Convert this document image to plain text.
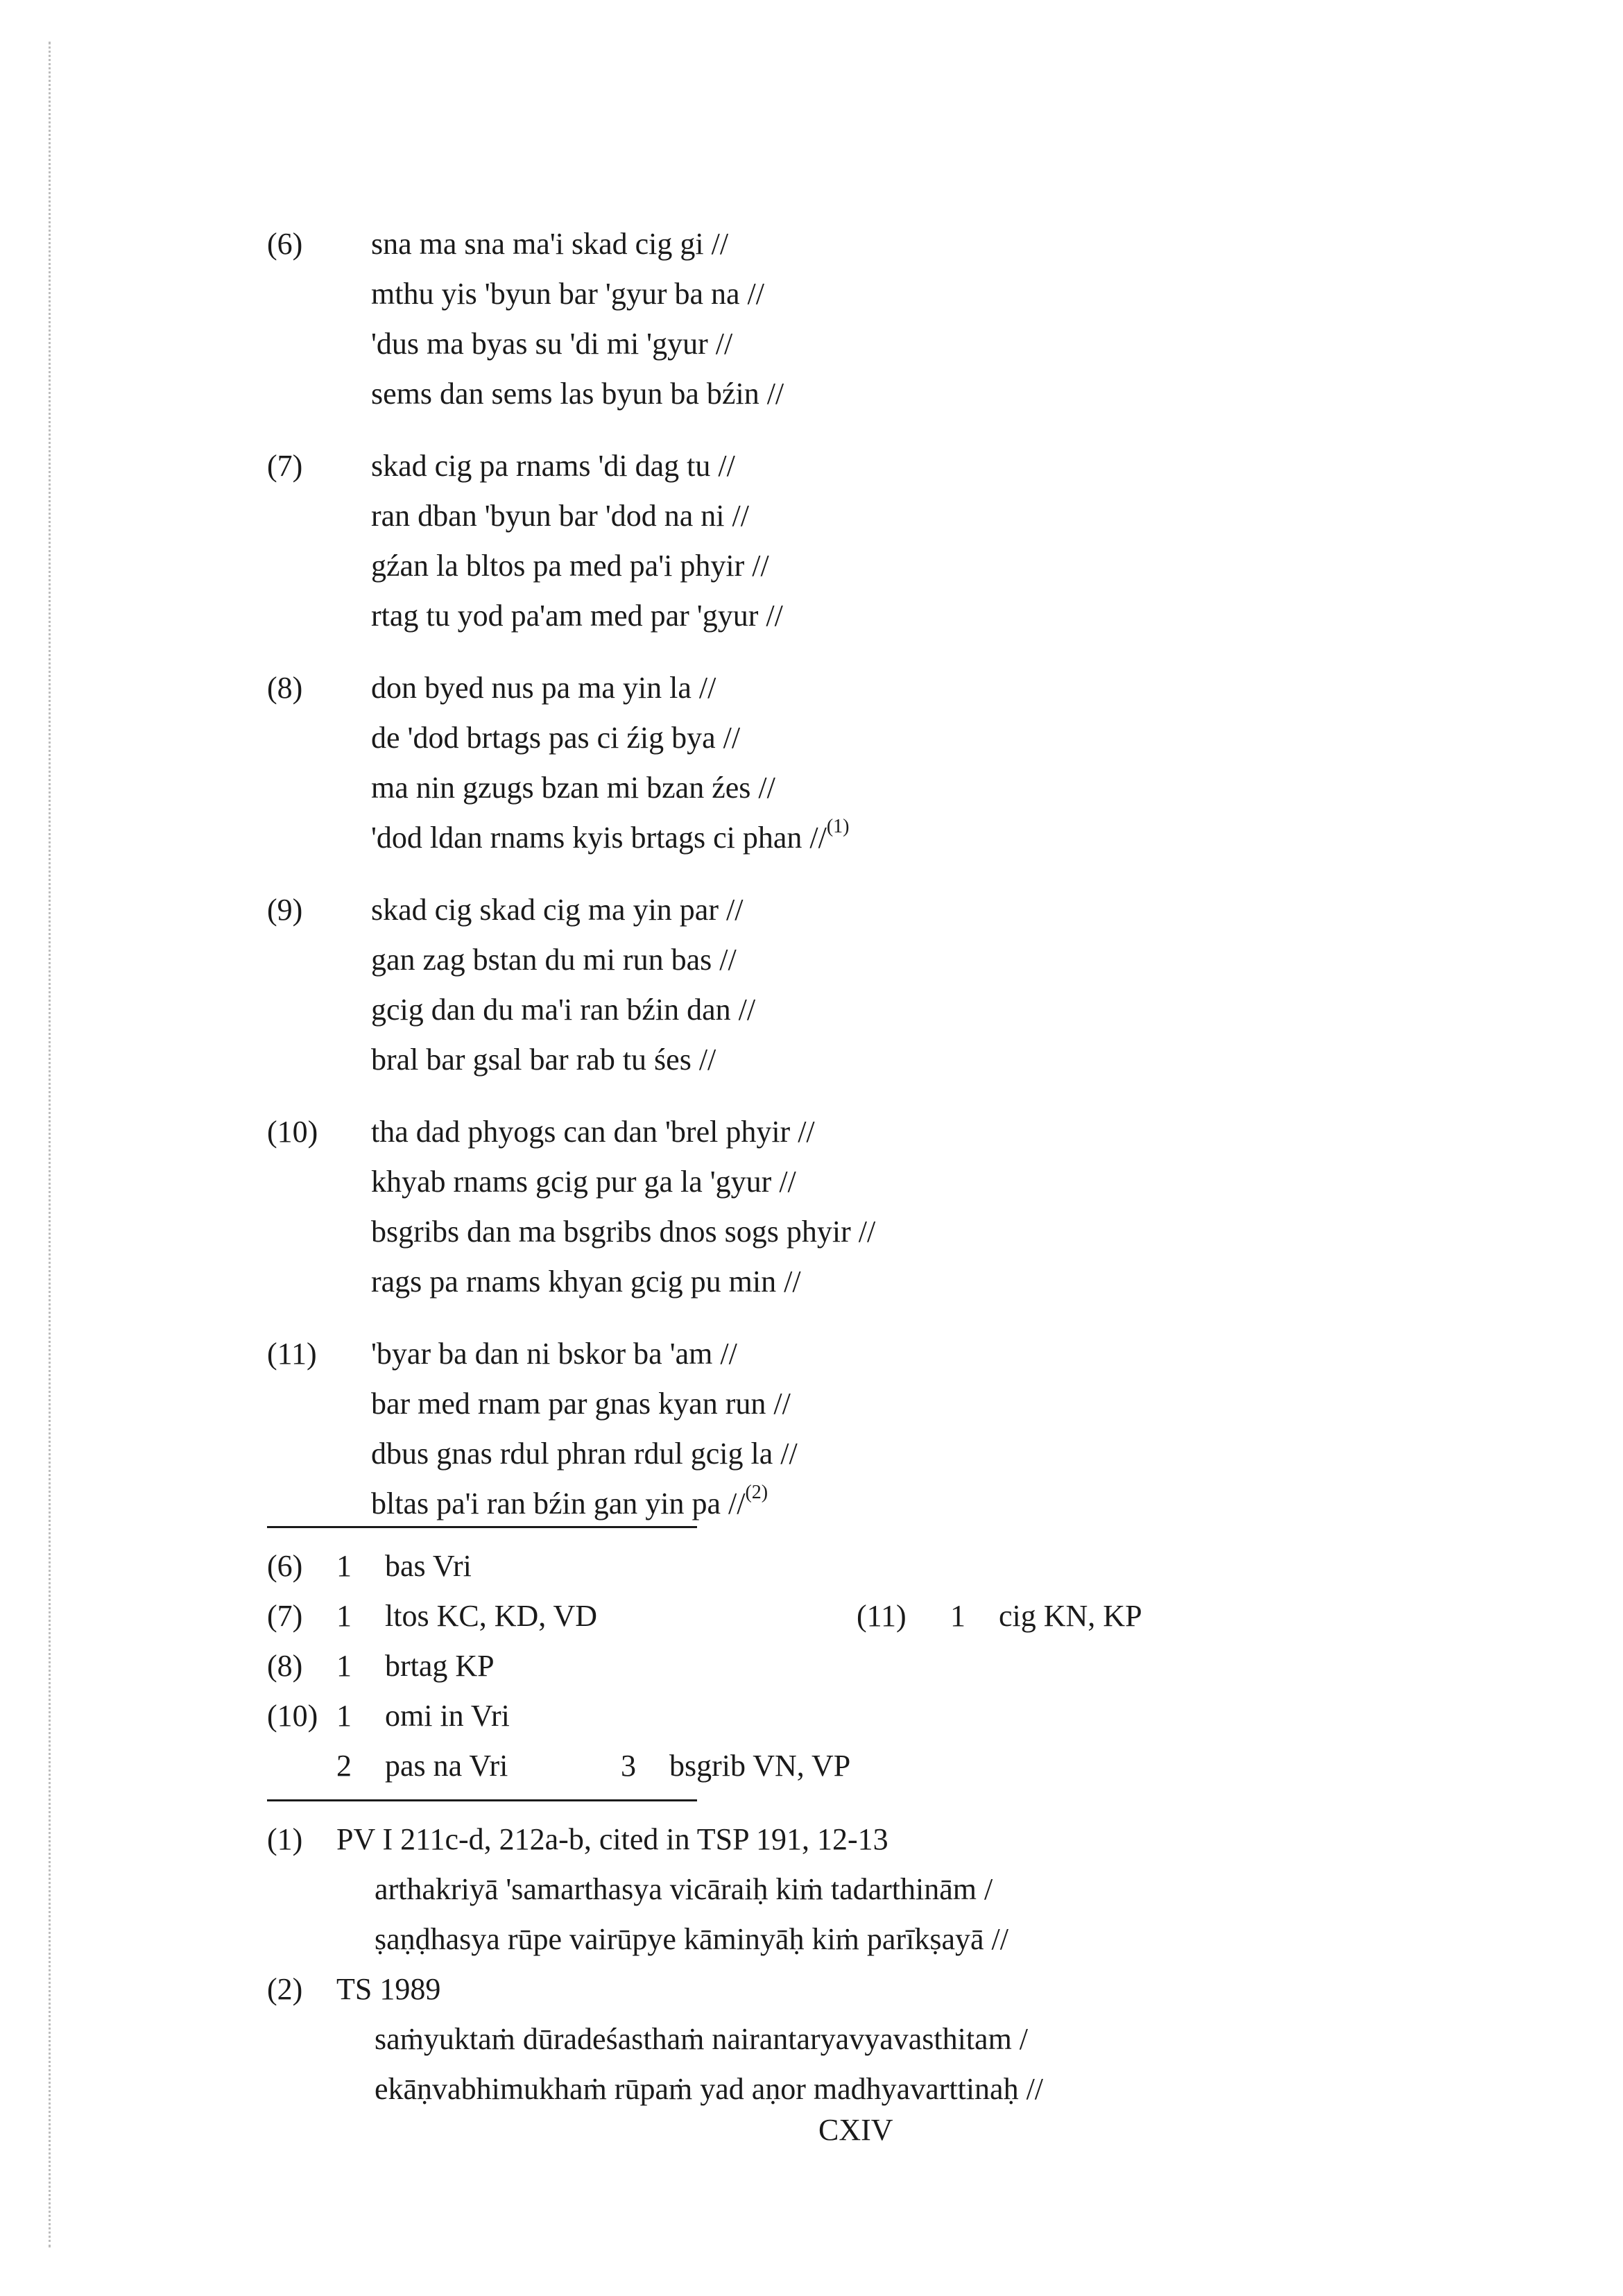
(6) sna ma sna ma'i skad cig gi //
mthu yis 'byun bar 'gyur ba na //
'dus ma byas su 'di mi 'gyur //
sems dan sems las byun ba bźin //
(7) skad cig pa rnams 'di dag tu //
ran dban 'byun bar 'dod na ni //
gźan la bltos pa med pa'i phyir //
rtag tu yod pa'am med par 'gyur //
(8) don byed nus pa ma yin la //
de 'dod brtags pas ci źig bya //
ma nin gzugs bzan mi bzan źes //
'dod ldan rnams kyis brtags ci phan //$^{(1)}$
(9) skad cig skad cig ma yin par //
gan zag bstan du mi run bas //
gcig dan du ma'i ran bźin dan //
bral bar gsal bar rab tu śes //
(10) tha dad phyogs can dan 'brel phyir //
khyab rnams gcig pur ga la 'gyur //
bsgribs dan ma bsgribs dnos sogs phyir //
rags pa rnams khyan gcig pu min //
(11) 'byar ba dan ni bskor ba 'am //
bar med rnam par gnas kyan run //
dbus gnas rdul phran rdul gcig la //
bltas pa'i ran bźin gan yin pa //$^{(2)}$
(6) 1 bas Vri
(7) 1 ltos KC, KD, VD	(11) 1 cig KN, KP
(8) 1 brtag KP
(10) 1 omi in Vri
2 pas na Vri	3 bsgrib VN, VP
(1) PV I 211c-d, 212a-b, cited in TSP 191, 12-13
arthakriyā 'samarthasya vicāraiḥ kiṁ tadarthinām /
ṣaṇḍhasya rūpe vairūpye kāminyāḥ kiṁ parīkṣayā //
(2) TS 1989
saṁyuktaṁ dūradeśasthaṁ nairantaryavyavasthitam /
ekāṇvabhimukhaṁ rūpaṁ yad aṇor madhyavarttinaḥ //
CXIV
